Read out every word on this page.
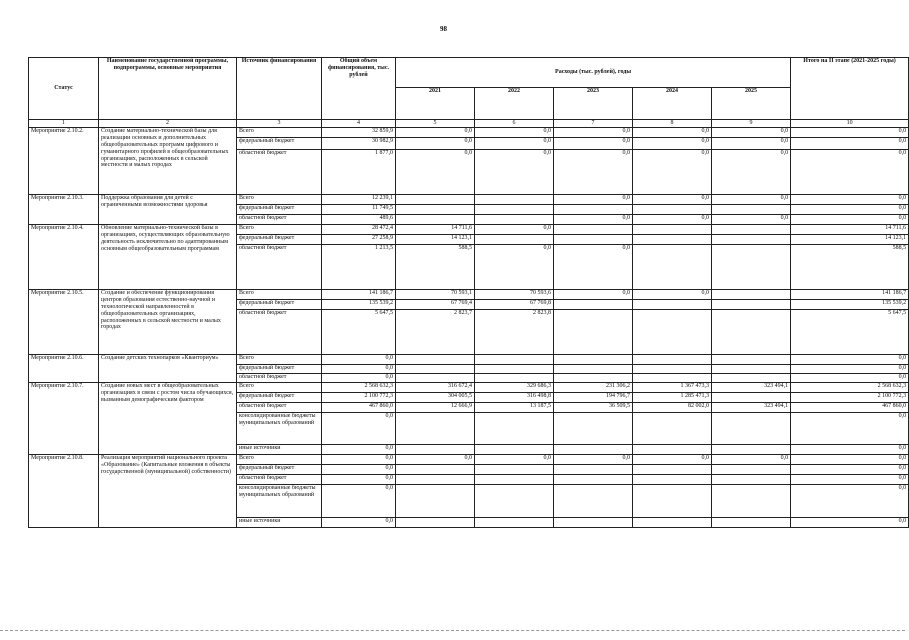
98
Статус	Наименование государственной программы, подпрограммы, основные мероприятия	Источник финансирования	Общий объем финансирования, тыс. рублей	Расходы (тыс. рублей), годы					Итого на II этапе (2021-2025 годы)
				2021	2022	2023	2024	2025	
1	2	3	4	5	6	7	8	9	10
Мероприятие 2.10.2.	Создание материально-технической базы для реализации основных и дополнительных общеобразовательных программ цифрового и гуманитарного профилей в общеобразовательных организациях, расположенных в сельской местности и малых городах	Всего	32 859,9	0,0	0,0	0,0	0,0	0,0	0,0
		федеральный бюджет	30 982,9	0,0	0,0	0,0	0,0	0,0	0,0
		областной бюджет	1 877,0	0,0	0,0	0,0	0,0	0,0	0,0
Мероприятие 2.10.3.	Поддержка образования для детей с ограниченными возможностями здоровья	Всего	12 239,1			0,0	0,0	0,0	0,0
		федеральный бюджет	11 749,5						0,0
		областной бюджет	489,6			0,0	0,0	0,0	0,0
Мероприятие 2.10.4.	Обновление материально-технической базы в организациях, осуществляющих образовательную деятельность исключительно по адаптированным основным общеобразовательным программам	Всего	28 472,4	14 711,6	0,0				14 711,6
		федеральный бюджет	27 258,9	14 123,1					14 123,1
		областной бюджет	1 213,5	588,5	0,0	0,0			588,5
Мероприятие 2.10.5.	Создание и обеспечение функционирования центров образования естественно-научной и технологической направленностей в общеобразовательных организациях, расположенных в сельской местности и малых городах	Всего	141 186,7	70 593,1	70 593,6	0,0	0,0		141 186,7
		федеральный бюджет	135 539,2	67 769,4	67 769,8				135 539,2
		областной бюджет	5 647,5	2 823,7	2 823,8				5 647,5
Мероприятие 2.10.6.	Создание детских технопарков «Кванториум»	Всего	0,0						0,0
		федеральный бюджет	0,0						0,0
		областной бюджет	0,0						0,0
Мероприятие 2.10.7.	Создание новых мест в общеобразовательных организациях в связи с ростом числа обучающихся, вызванным демографическим фактором	Всего	2 568 632,3	316 672,4	329 686,3	231 306,2	1 367 473,3	323 494,1	2 568 632,3
		федеральный бюджет	2 100 772,3	304 005,5	316 498,8	194 796,7	1 285 471,3		2 100 772,3
		областной бюджет	467 860,0	12 666,9	13 187,5	36 509,5	82 002,0	323 494,1	467 860,0
		консолидированные бюджеты муниципальных образований	0,0						0,0
		иные источники	0,0						0,0
Мероприятие 2.10.8.	Реализация мероприятий национального проекта «Образование» (Капитальные вложения в объекты государственной (муниципальной) собственности)	Всего	0,0	0,0	0,0	0,0	0,0	0,0	0,0
		федеральный бюджет	0,0						0,0
		областной бюджет	0,0						0,0
		консолидированные бюджеты муниципальных образований	0,0						0,0
		иные источники	0,0						0,0
